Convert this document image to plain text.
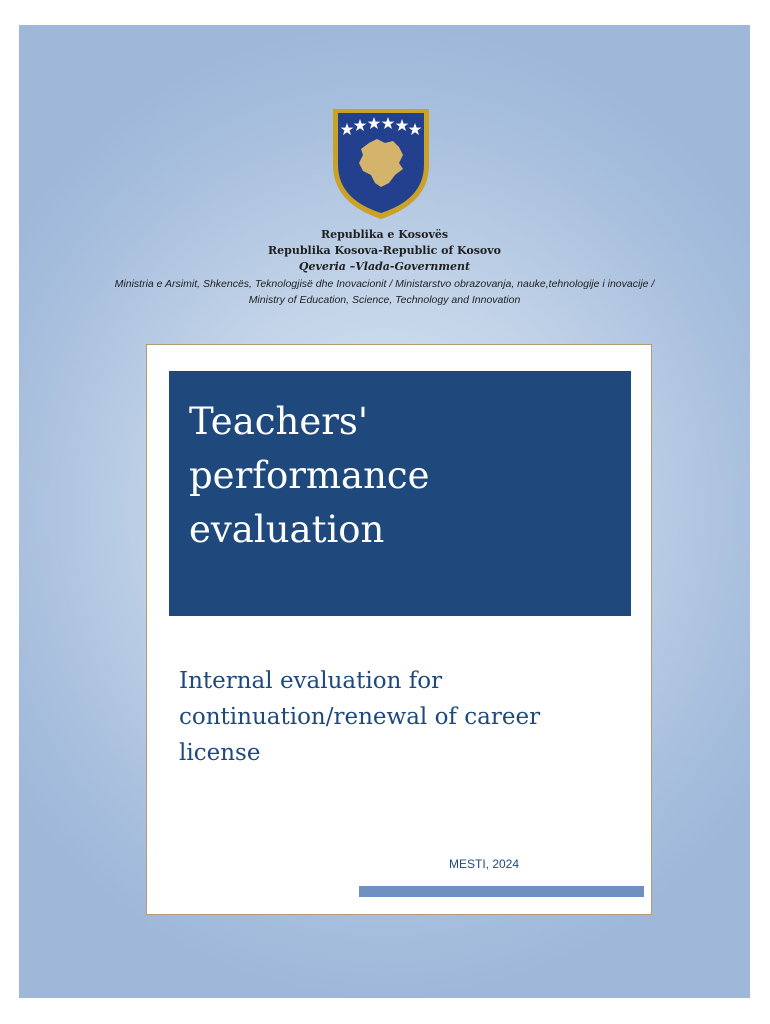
Republika e Kosovës
Republika Kosova-Republic of Kosovo
Qeveria –Vlada-Government
Ministria e Arsimit, Shkencës, Teknologjisë dhe Inovacionit / Ministarstvo obrazovanja, nauke,tehnologije i inovacije /
Ministry of Education, Science, Technology and Innovation
Teachers'
performance
evaluation
Internal evaluation for
continuation/renewal of career
license
MESTI, 2024
